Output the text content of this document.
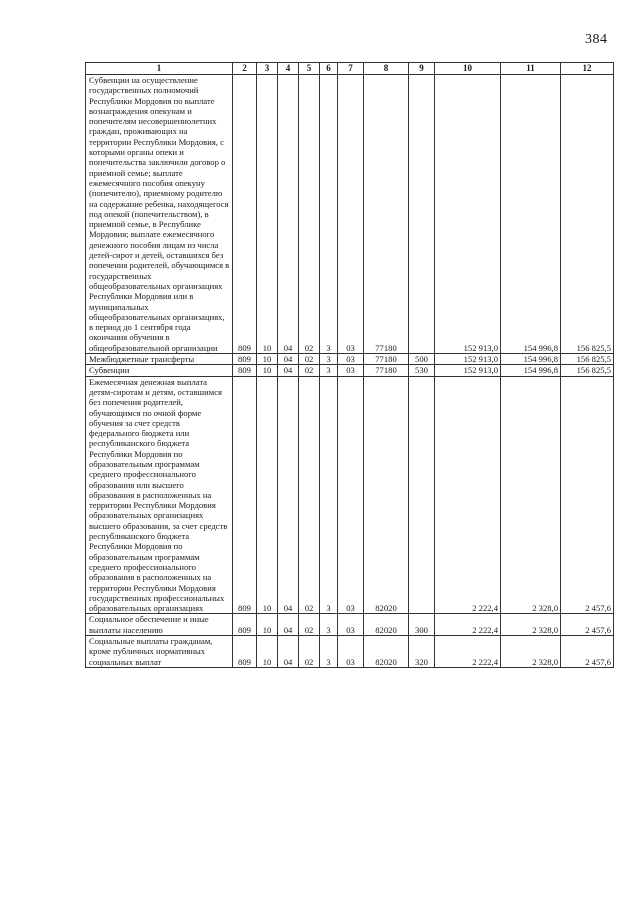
384
1	2	3	4	5	6	7	8	9	10	11	12
Субвенции на осуществление государственных полномочий Республики Мордовия по выплате вознаграждения опекунам и попечителям несовершеннолетних граждан, проживающих на территории Республики Мордовия, с которыми органы опеки и попечительства заключили договор о приемной семье; выплате ежемесячного пособия опекуну (попечителю), приемному родителю на содержание ребенка, находящегося под опекой (попечительством), в приемной семье, в Республике Мордовия; выплате ежемесячного денежного пособия лицам из числа детей-сирот и детей, оставшихся без попечения родителей, обучающимся в государственных общеобразовательных организациях Республики Мордовия или в муниципальных общеобразовательных организациях, в период до 1 сентября года окончания обучения в общеобразовательной организации	809	10	04	02	3	03	77180		152 913,0	154 996,8	156 825,5
Межбюджетные трансферты	809	10	04	02	3	03	77180	500	152 913,0	154 996,8	156 825,5
Субвенции	809	10	04	02	3	03	77180	530	152 913,0	154 996,8	156 825,5
Ежемесячная денежная выплата детям-сиротам и детям, оставшимся без попечения родителей, обучающимся по очной форме обучения за счет средств федерального бюджета или республиканского бюджета Республики Мордовия по образовательным программам среднего профессионального образования или высшего образования в расположенных на территории Республики Мордовия образовательных организациях высшего образования, за счет средств республиканского бюджета Республики Мордовия по образовательным программам среднего профессионального образования в расположенных на территории Республики Мордовия государственных профессиональных образовательных организациях	809	10	04	02	3	03	82020		2 222,4	2 328,0	2 457,6
Социальное обеспечение и иные выплаты населению	809	10	04	02	3	03	82020	300	2 222,4	2 328,0	2 457,6
Социальные выплаты гражданам, кроме публичных нормативных социальных выплат	809	10	04	02	3	03	82020	320	2 222,4	2 328,0	2 457,6
